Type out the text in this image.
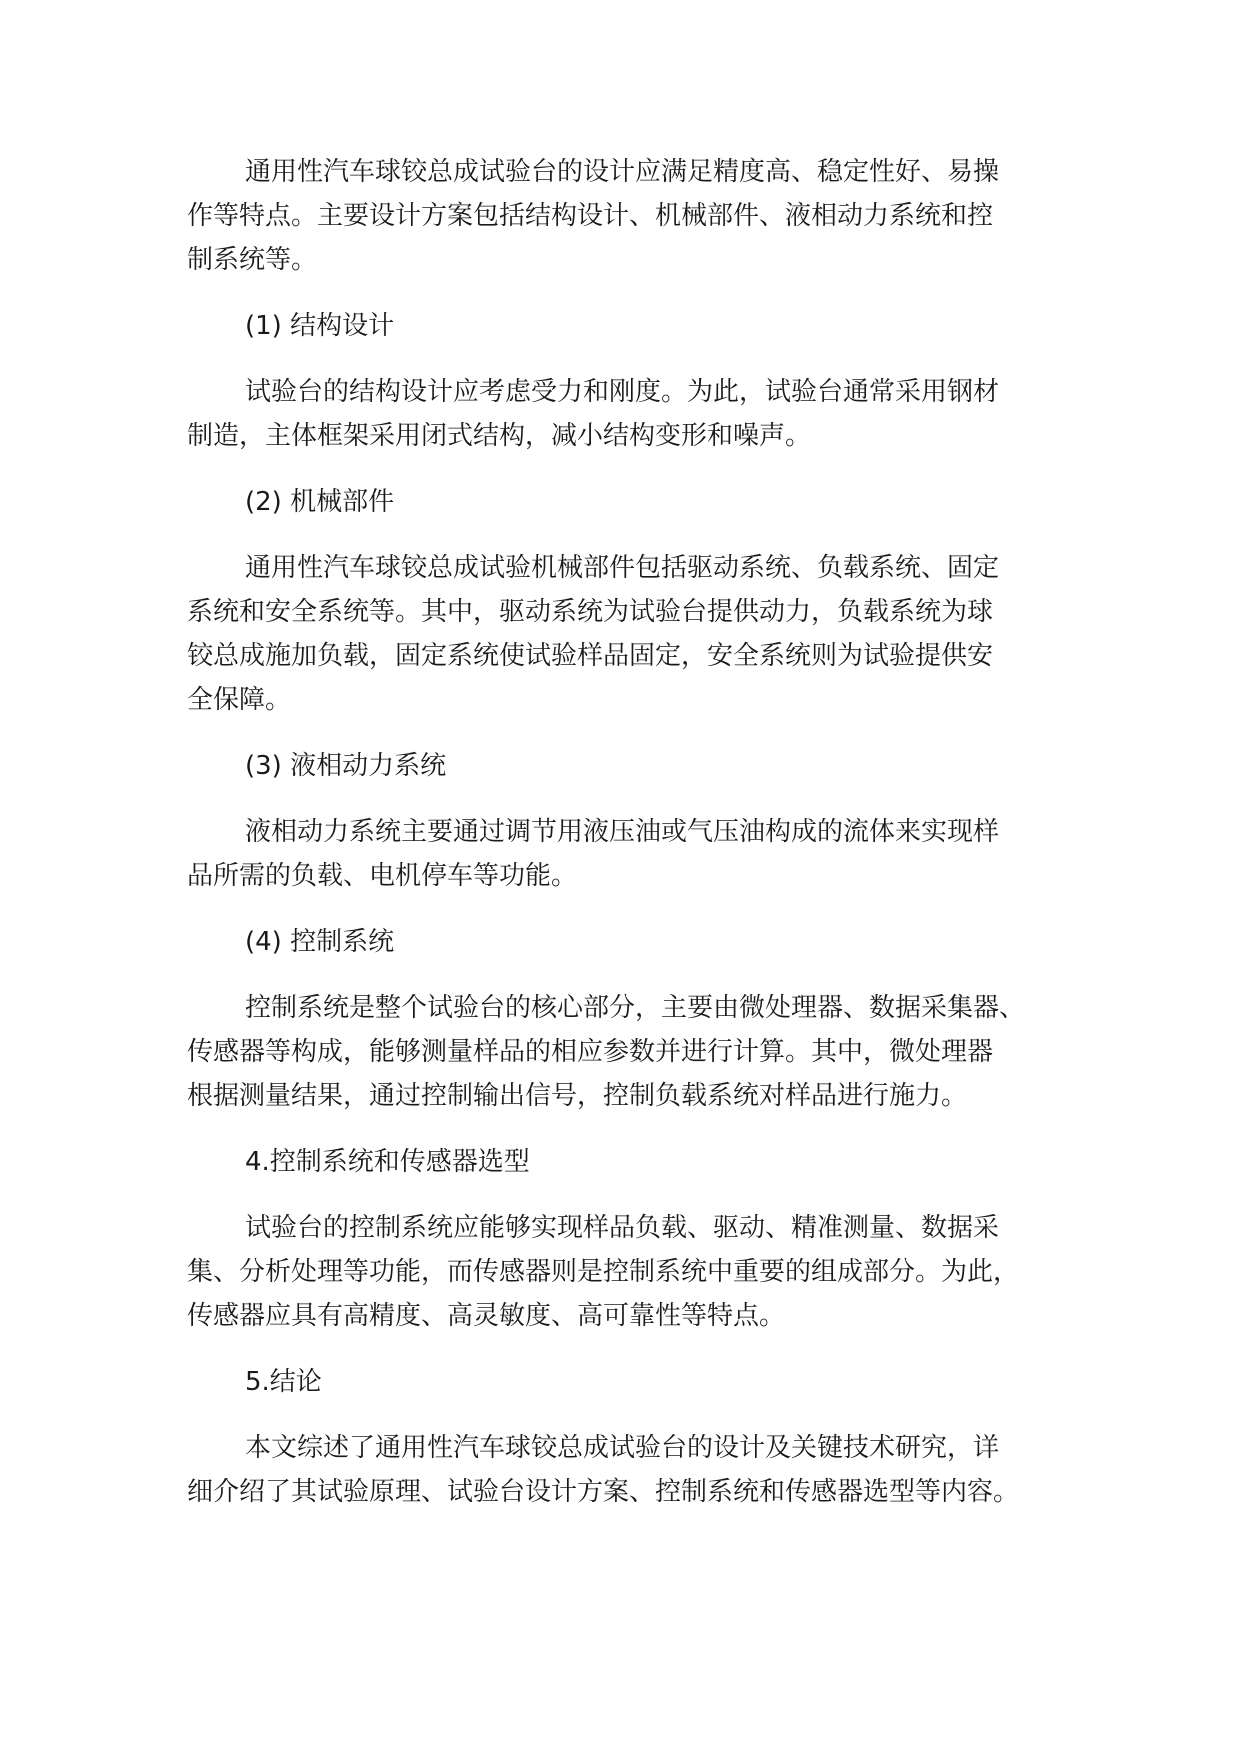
通用性汽车球铰总成试验台的设计应满足精度高、稳定性好、易操
作等特点。主要设计方案包括结构设计、机械部件、液相动力系统和控
制系统等。
(1) 结构设计
试验台的结构设计应考虑受力和刚度。为此，试验台通常采用钢材
制造，主体框架采用闭式结构，减小结构变形和噪声。
(2) 机械部件
通用性汽车球铰总成试验机械部件包括驱动系统、负载系统、固定
系统和安全系统等。其中，驱动系统为试验台提供动力，负载系统为球
铰总成施加负载，固定系统使试验样品固定，安全系统则为试验提供安
全保障。
(3) 液相动力系统
液相动力系统主要通过调节用液压油或气压油构成的流体来实现样
品所需的负载、电机停车等功能。
(4) 控制系统
控制系统是整个试验台的核心部分，主要由微处理器、数据采集器、
传感器等构成，能够测量样品的相应参数并进行计算。其中，微处理器
根据测量结果，通过控制输出信号，控制负载系统对样品进行施力。
4.控制系统和传感器选型
试验台的控制系统应能够实现样品负载、驱动、精准测量、数据采
集、分析处理等功能，而传感器则是控制系统中重要的组成部分。为此，
传感器应具有高精度、高灵敏度、高可靠性等特点。
5.结论
本文综述了通用性汽车球铰总成试验台的设计及关键技术研究，详
细介绍了其试验原理、试验台设计方案、控制系统和传感器选型等内容。
